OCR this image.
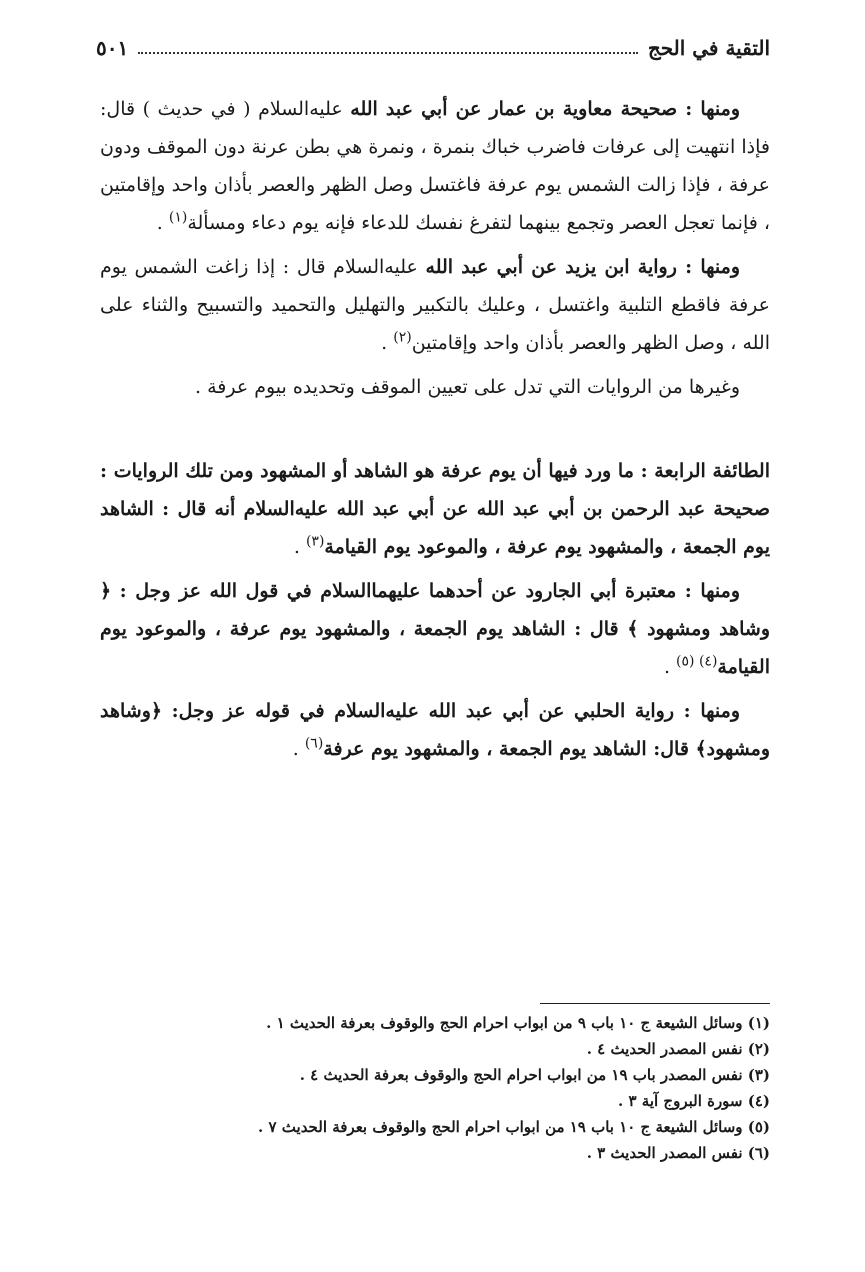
التقية في الحج
٥٠١

ومنها : صحيحة معاوية بن عمار عن أبي عبد الله عليه‌السلام ( في حديث ) قال: فإذا انتهيت إلى عرفات فاضرب خباك بنمرة ، ونمرة هي بطن عرنة دون الموقف ودون عرفة ، فإذا زالت الشمس يوم عرفة فاغتسل وصل الظهر والعصر بأذان واحد وإقامتين ، فإنما تعجل العصر وتجمع بينهما لتفرغ نفسك للدعاء فإنه يوم دعاء ومسألة$^{(١)}$ .

ومنها : رواية ابن يزيد عن أبي عبد الله عليه‌السلام قال : إذا زاغت الشمس يوم عرفة فاقطع التلبية واغتسل ، وعليك بالتكبير والتهليل والتحميد والتسبيح والثناء على الله ، وصل الظهر والعصر بأذان واحد وإقامتين$^{(٢)}$ .

وغيرها من الروايات التي تدل على تعيين الموقف وتحديده بيوم عرفة .

الطائفة الرابعة : ما ورد فيها أن يوم عرفة هو الشاهد أو المشهود ومن تلك الروايات : صحيحة عبد الرحمن بن أبي عبد الله عن أبي عبد الله عليه‌السلام أنه قال : الشاهد يوم الجمعة ، والمشهود يوم عرفة ، والموعود يوم القيامة$^{(٣)}$ .

ومنها : معتبرة أبي الجارود عن أحدهما عليهما‌السلام في قول الله عز وجل : ﴿ وشاهد ومشهود ﴾ قال : الشاهد يوم الجمعة ، والمشهود يوم عرفة ، والموعود يوم القيامة$^{(٤) (٥)}$ .

ومنها : رواية الحلبي عن أبي عبد الله عليه‌السلام في قوله عز وجل: ﴿وشاهد ومشهود﴾ قال: الشاهد يوم الجمعة ، والمشهود يوم عرفة$^{(٦)}$ .

(١) وسائل الشيعة ج ١٠ باب ٩ من ابواب احرام الحج والوقوف بعرفة الحديث ١ .
(٢) نفس المصدر الحديث ٤ .
(٣) نفس المصدر باب ١٩ من ابواب احرام الحج والوقوف بعرفة الحديث ٤ .
(٤) سورة البروج آية ٣ .
(٥) وسائل الشيعة ج ١٠ باب ١٩ من ابواب احرام الحج والوقوف بعرفة الحديث ٧ .
(٦) نفس المصدر الحديث ٣ .
